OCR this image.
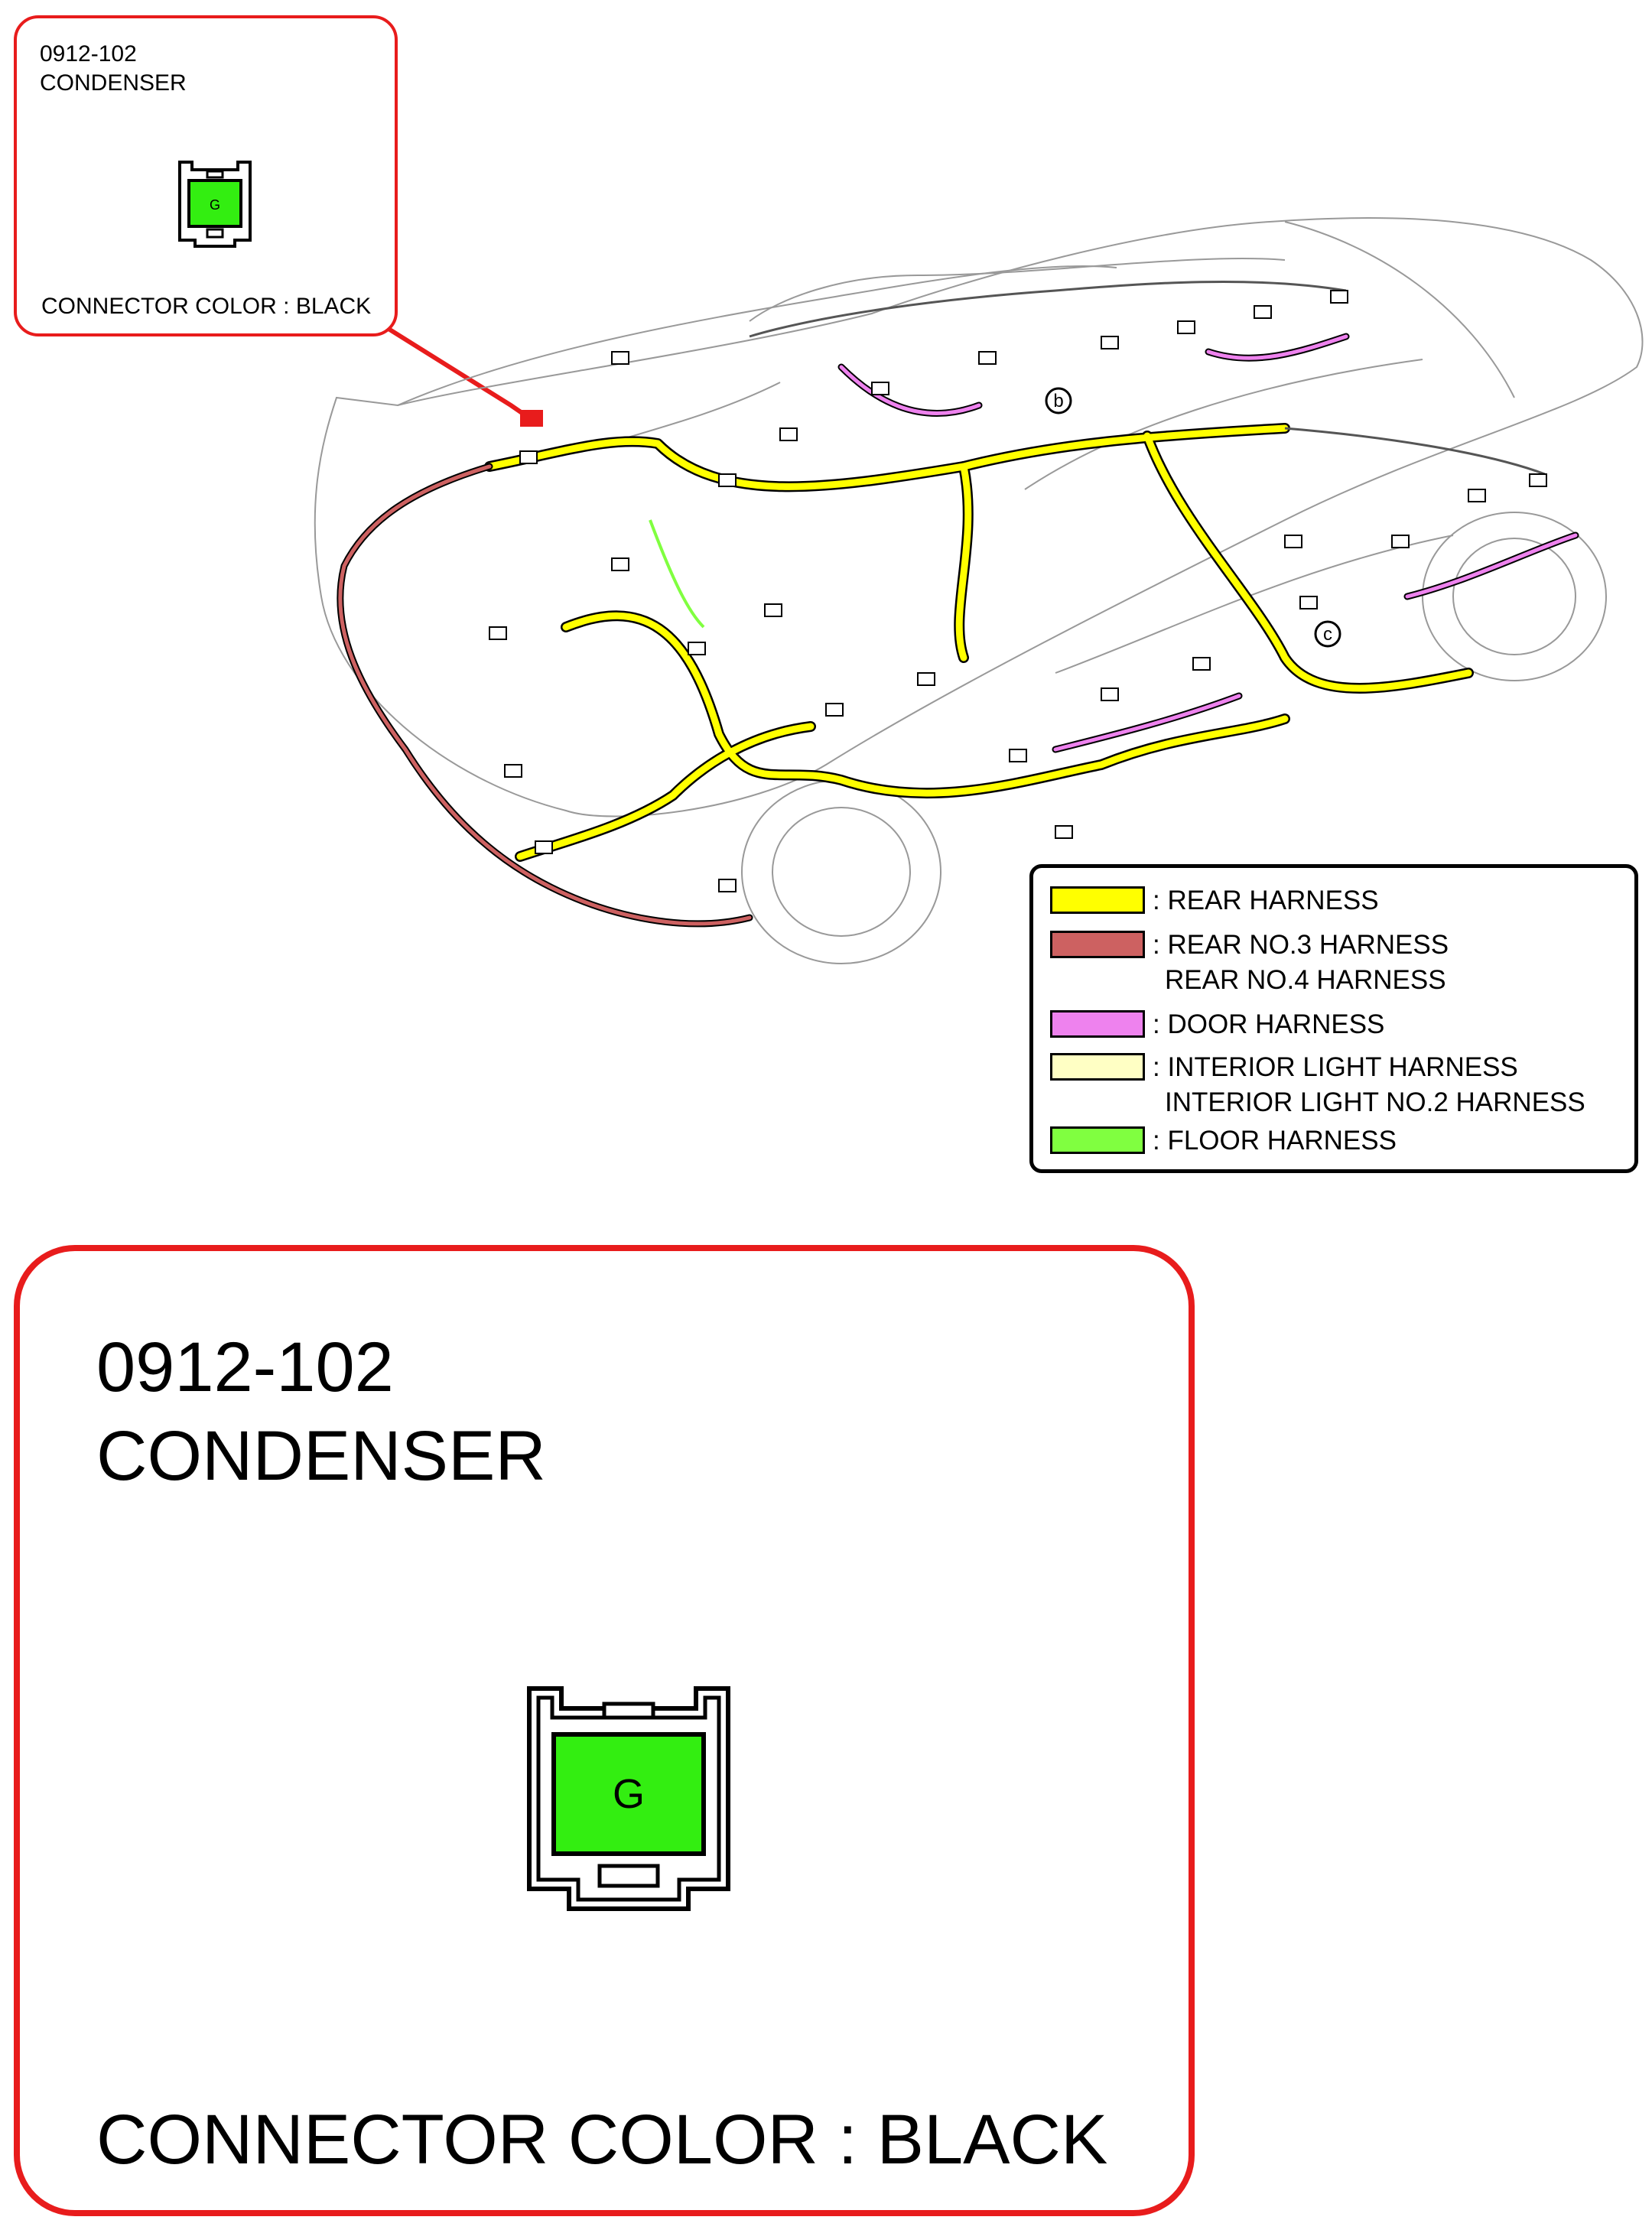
0912-102
CONDENSER
G
CONNECTOR COLOR : BLACK
b
c
: REAR HARNESS
: REAR NO.3 HARNESS
REAR NO.4 HARNESS
: DOOR HARNESS
: INTERIOR LIGHT HARNESS
INTERIOR LIGHT NO.2 HARNESS
: FLOOR HARNESS
0912-102
CONDENSER
G
CONNECTOR COLOR : BLACK
